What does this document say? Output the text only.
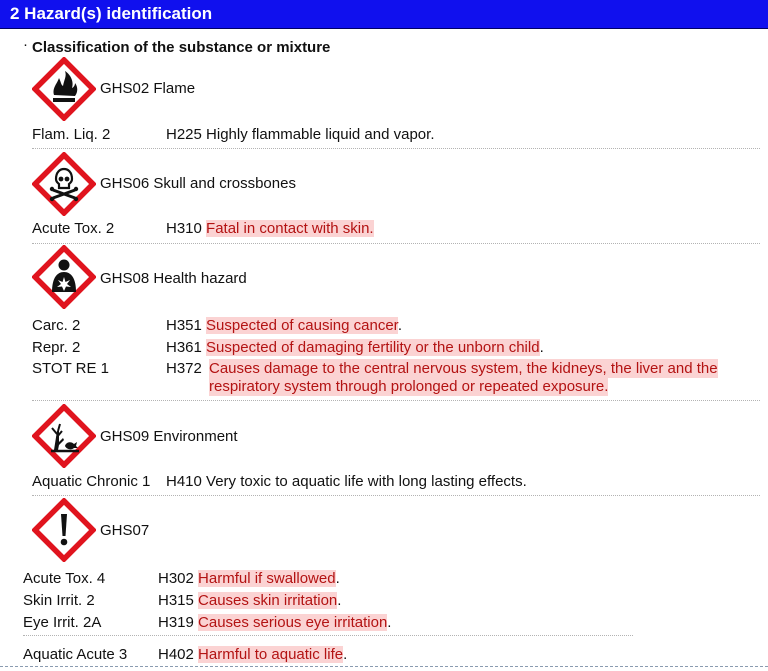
2 Hazard(s) identification
· Classification of the substance or mixture
GHS02 Flame
Flam. Liq. 2	H225 Highly flammable liquid and vapor.
GHS06 Skull and crossbones
Acute Tox. 2	H310 Fatal in contact with skin.
GHS08 Health hazard
Carc. 2	H351 Suspected of causing cancer.
Repr. 2	H361 Suspected of damaging fertility or the unborn child.
STOT RE 1	H372 Causes damage to the central nervous system, the kidneys, the liver and the
respiratory system through prolonged or repeated exposure.
GHS09 Environment
Aquatic Chronic 1 H410 Very toxic to aquatic life with long lasting effects.
GHS07
Acute Tox. 4	H302 Harmful if swallowed.
Skin Irrit. 2	H315 Causes skin irritation.
Eye Irrit. 2A	H319 Causes serious eye irritation.
Aquatic Acute 3 H402 Harmful to aquatic life.
